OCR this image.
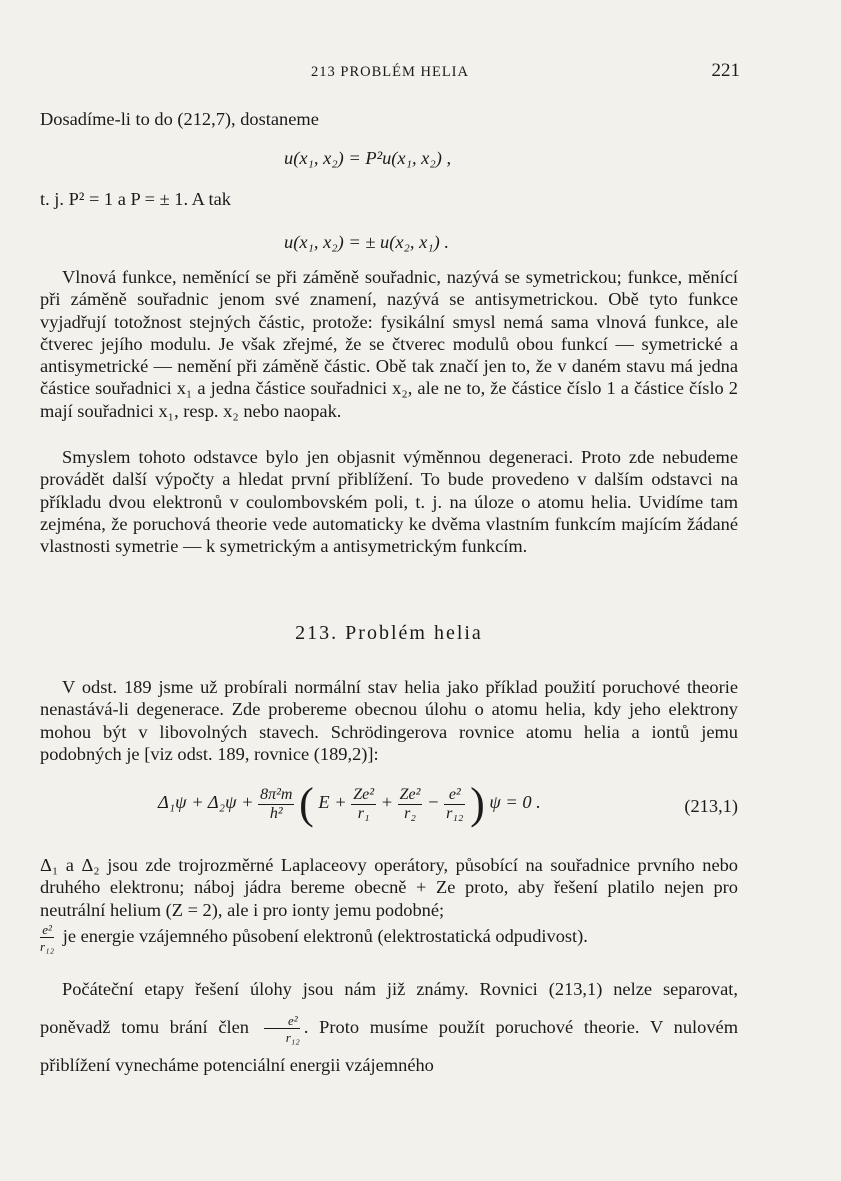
213 PROBLÉM HELIA	221

Dosadíme-li to do (212,7), dostaneme

u(x₁, x₂) = P²u(x₁, x₂) ,

t. j. P² = 1 a P = ± 1. A tak

u(x₁, x₂) = ± u(x₂, x₁) .

Vlnová funkce, neměnící se při záměně souřadnic, nazývá se symetrickou; funkce, měnící při záměně souřadnic jenom své znamení, nazývá se antisymetrickou. Obě tyto funkce vyjadřují totožnost stejných částic, protože: fysikální smysl nemá sama vlnová funkce, ale čtverec jejího modulu. Je však zřejmé, že se čtverec modulů obou funkcí — symetrické a antisymetrické — nemění při záměně částic. Obě tak značí jen to, že v daném stavu má jedna částice souřadnici x₁ a jedna částice souřadnici x₂, ale ne to, že částice číslo 1 a částice číslo 2 mají souřadnici x₁, resp. x₂ nebo naopak.

Smyslem tohoto odstavce bylo jen objasnit výměnnou degeneraci. Proto zde nebudeme provádět další výpočty a hledat první přiblížení. To bude provedeno v dalším odstavci na příkladu dvou elektronů v coulombovském poli, t. j. na úloze o atomu helia. Uvidíme tam zejména, že poruchová theorie vede automaticky ke dvěma vlastním funkcím majícím žádané vlastnosti symetrie — k symetrickým a antisymetrickým funkcím.

213. Problém helia

V odst. 189 jsme už probírali normální stav helia jako příklad použití poruchové theorie nenastává-li degenerace. Zde probereme obecnou úlohu o atomu helia, kdy jeho elektrony mohou být v libovolných stavech. Schrödingerova rovnice atomu helia a iontů jemu podobných je [viz odst. 189, rovnice (189,2)]:

$\Delta_1\psi + \Delta_2\psi + \frac{\text{8π²m}}{\text{h²}}$ ( $E + \frac{\text{Ze²}}{\text{r₁}} + \frac{\text{Ze²}}{\text{r₂}} - \frac{\text{e²}}{\text{r₁₂}}$ ) ψ = 0 .	(213,1)

Δ₁ a Δ₂ jsou zde trojrozměrné Laplaceovy operátory, působící na souřadnice prvního nebo druhého elektronu; náboj jádra bereme obecně + Ze proto, aby řešení platilo nejen pro neutrální helium (Z = 2), ale i pro ionty jemu podobné;

$\frac{\text{e²}}{\text{r₁₂}}$ je energie vzájemného působení elektronů (elektrostatická odpudivost).

Počáteční etapy řešení úlohy jsou nám již známy. Rovnici (213,1) nelze separovat, poněvadž tomu brání člen $\frac{\text{e²}}{\text{r₁₂}}$ . Proto musíme použít poruchové theorie. V nulovém přiblížení vynecháme potenciální energii vzájemného
